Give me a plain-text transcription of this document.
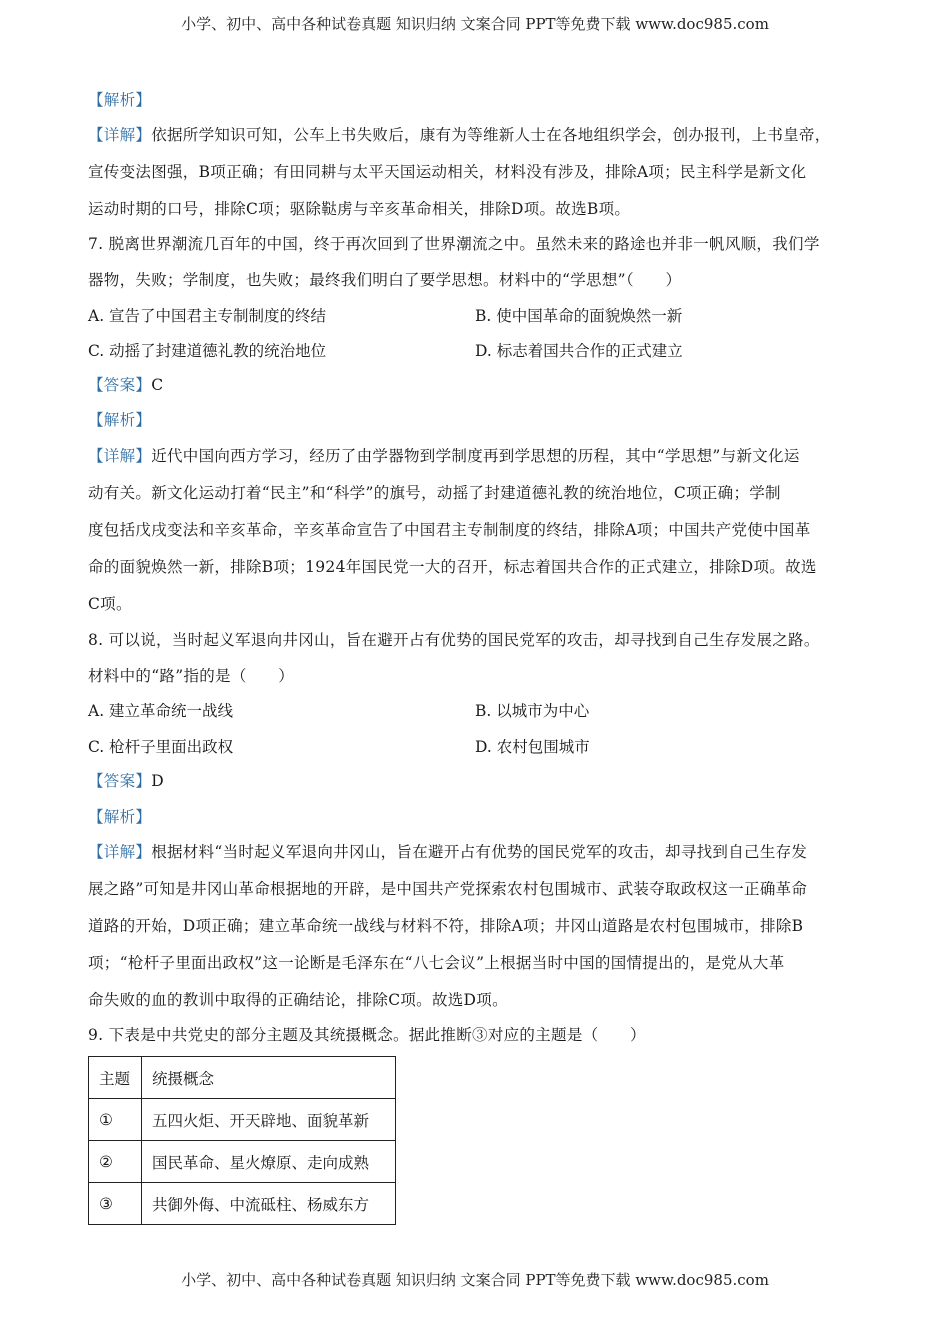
小学、初中、高中各种试卷真题 知识归纳 文案合同 PPT等免费下载 www.doc985.com
【解析】
【详解】依据所学知识可知，公车上书失败后，康有为等维新人士在各地组织学会，创办报刊，上书皇帝，
宣传变法图强，B项正确；有田同耕与太平天国运动相关，材料没有涉及，排除A项；民主科学是新文化
运动时期的口号，排除C项；驱除鞑虏与辛亥革命相关，排除D项。故选B项。
7. 脱离世界潮流几百年的中国，终于再次回到了世界潮流之中。虽然未来的路途也并非一帆风顺，我们学
器物，失败；学制度，也失败；最终我们明白了要学思想。材料中的“学思想”（　　）
A. 宣告了中国君主专制制度的终结	B. 使中国革命的面貌焕然一新
C. 动摇了封建道德礼教的统治地位	D. 标志着国共合作的正式建立
【答案】C
【解析】
【详解】近代中国向西方学习，经历了由学器物到学制度再到学思想的历程，其中“学思想”与新文化运
动有关。新文化运动打着“民主”和“科学”的旗号，动摇了封建道德礼教的统治地位，C项正确；学制
度包括戊戌变法和辛亥革命，辛亥革命宣告了中国君主专制制度的终结，排除A项；中国共产党使中国革
命的面貌焕然一新，排除B项；1924年国民党一大的召开，标志着国共合作的正式建立，排除D项。故选
C项。
8. 可以说，当时起义军退向井冈山，旨在避开占有优势的国民党军的攻击，却寻找到自己生存发展之路。
材料中的“路”指的是（　　）
A. 建立革命统一战线	B. 以城市为中心
C. 枪杆子里面出政权	D. 农村包围城市
【答案】D
【解析】
【详解】根据材料“当时起义军退向井冈山，旨在避开占有优势的国民党军的攻击，却寻找到自己生存发
展之路”可知是井冈山革命根据地的开辟，是中国共产党探索农村包围城市、武装夺取政权这一正确革命
道路的开始，D项正确；建立革命统一战线与材料不符，排除A项；井冈山道路是农村包围城市，排除B
项；“枪杆子里面出政权”这一论断是毛泽东在“八七会议”上根据当时中国的国情提出的，是党从大革
命失败的血的教训中取得的正确结论，排除C项。故选D项。
9. 下表是中共党史的部分主题及其统摄概念。据此推断③对应的主题是（　　）
主题	统摄概念
①	五四火炬、开天辟地、面貌革新
②	国民革命、星火燎原、走向成熟
③	共御外侮、中流砥柱、杨威东方
小学、初中、高中各种试卷真题 知识归纳 文案合同 PPT等免费下载 www.doc985.com
